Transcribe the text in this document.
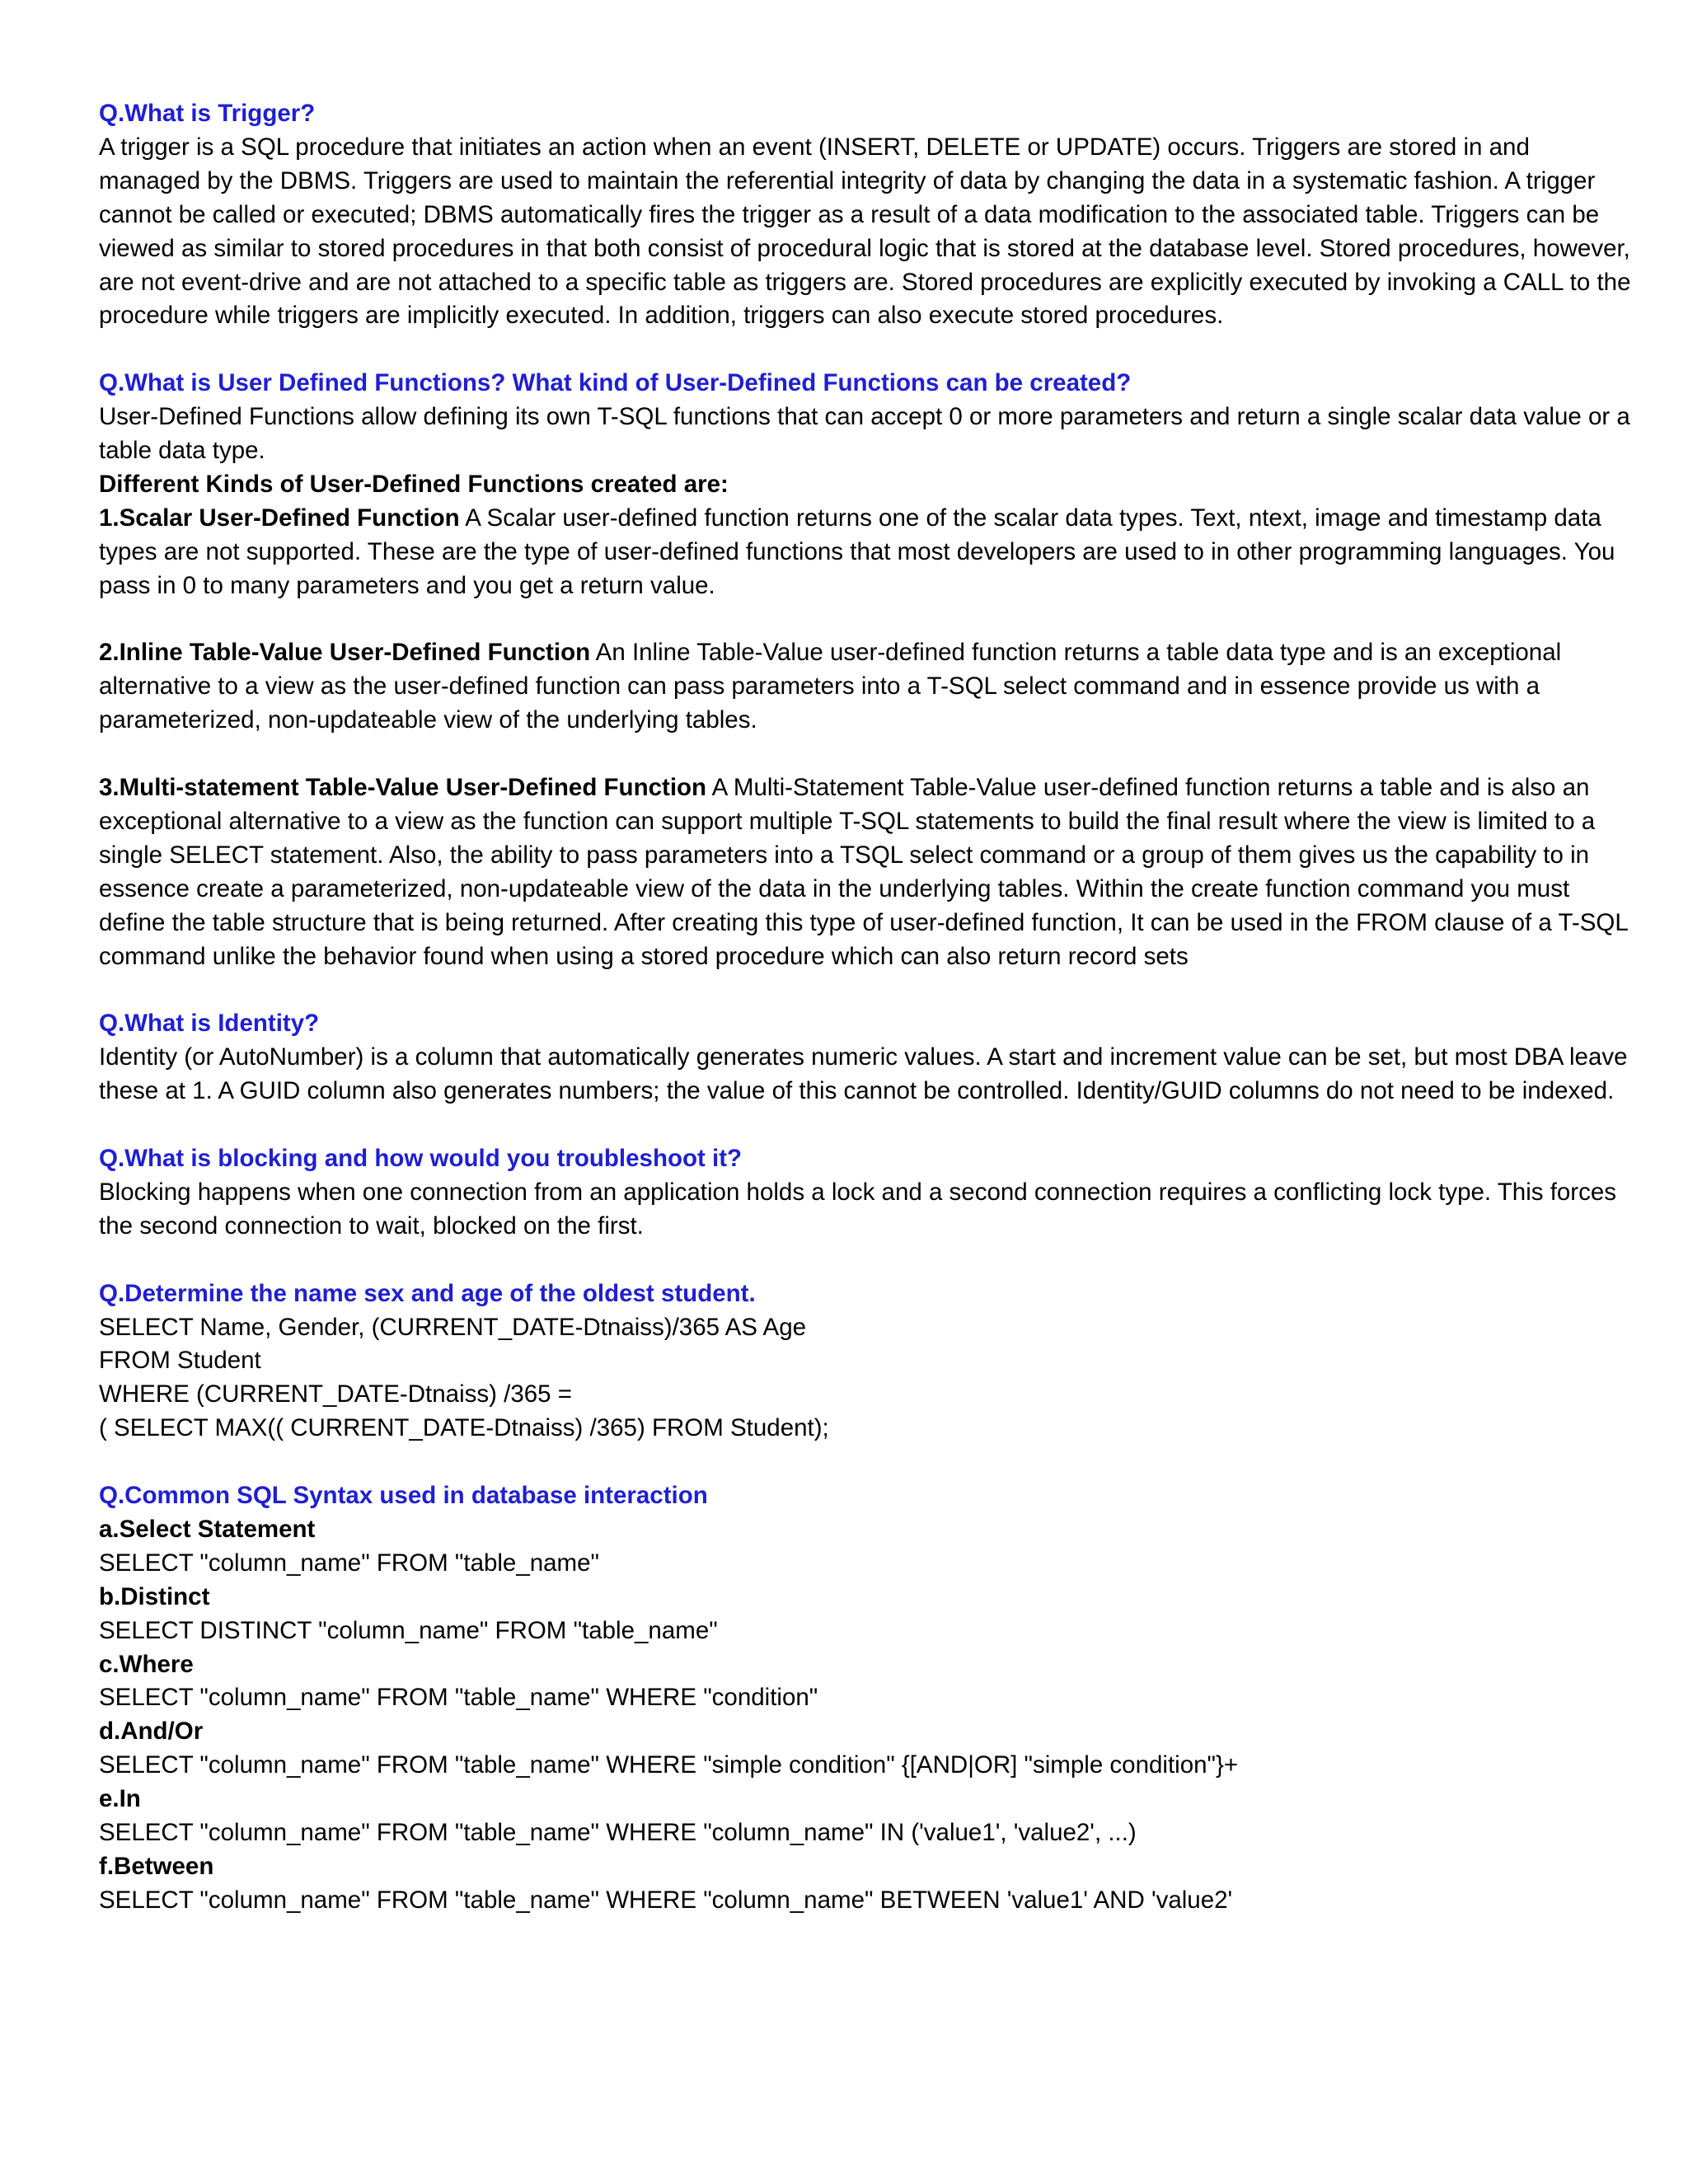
Q.What is Trigger?

A trigger is a SQL procedure that initiates an action when an event (INSERT, DELETE or UPDATE) occurs. Triggers are stored in and managed by the DBMS. Triggers are used to maintain the referential integrity of data by changing the data in a systematic fashion. A trigger cannot be called or executed; DBMS automatically fires the trigger as a result of a data modification to the associated table. Triggers can be viewed as similar to stored procedures in that both consist of procedural logic that is stored at the database level. Stored procedures, however, are not event-drive and are not attached to a specific table as triggers are. Stored procedures are explicitly executed by invoking a CALL to the procedure while triggers are implicitly executed. In addition, triggers can also execute stored procedures.

Q.What is User Defined Functions? What kind of User-Defined Functions can be created?

User-Defined Functions allow defining its own T-SQL functions that can accept 0 or more parameters and return a single scalar data value or a table data type.

Different Kinds of User-Defined Functions created are:

1.Scalar User-Defined Function A Scalar user-defined function returns one of the scalar data types. Text, ntext, image and timestamp data types are not supported. These are the type of user-defined functions that most developers are used to in other programming languages. You pass in 0 to many parameters and you get a return value.

2.Inline Table-Value User-Defined Function An Inline Table-Value user-defined function returns a table data type and is an exceptional alternative to a view as the user-defined function can pass parameters into a T-SQL select command and in essence provide us with a parameterized, non-updateable view of the underlying tables.

3.Multi-statement Table-Value User-Defined Function A Multi-Statement Table-Value user-defined function returns a table and is also an exceptional alternative to a view as the function can support multiple T-SQL statements to build the final result where the view is limited to a single SELECT statement. Also, the ability to pass parameters into a TSQL select command or a group of them gives us the capability to in essence create a parameterized, non-updateable view of the data in the underlying tables. Within the create function command you must define the table structure that is being returned. After creating this type of user-defined function, It can be used in the FROM clause of a T-SQL command unlike the behavior found when using a stored procedure which can also return record sets

Q.What is Identity?

Identity (or AutoNumber) is a column that automatically generates numeric values. A start and increment value can be set, but most DBA leave these at 1. A GUID column also generates numbers; the value of this cannot be controlled. Identity/GUID columns do not need to be indexed.

Q.What is blocking and how would you troubleshoot it?

Blocking happens when one connection from an application holds a lock and a second connection requires a conflicting lock type. This forces the second connection to wait, blocked on the first.

Q.Determine the name sex and age of the oldest student.

SELECT Name, Gender, (CURRENT_DATE-Dtnaiss)/365 AS Age

FROM Student

WHERE (CURRENT_DATE-Dtnaiss) /365 =

( SELECT MAX(( CURRENT_DATE-Dtnaiss) /365) FROM Student);

Q.Common SQL Syntax used in database interaction

a.Select Statement

SELECT "column_name" FROM "table_name"

b.Distinct

SELECT DISTINCT "column_name" FROM "table_name"

c.Where

SELECT "column_name" FROM "table_name" WHERE "condition"

d.And/Or

SELECT "column_name" FROM "table_name" WHERE "simple condition" {[AND|OR] "simple condition"}+

e.In

SELECT "column_name" FROM "table_name" WHERE "column_name" IN ('value1', 'value2', ...)

f.Between

SELECT "column_name" FROM "table_name" WHERE "column_name" BETWEEN 'value1' AND 'value2'
